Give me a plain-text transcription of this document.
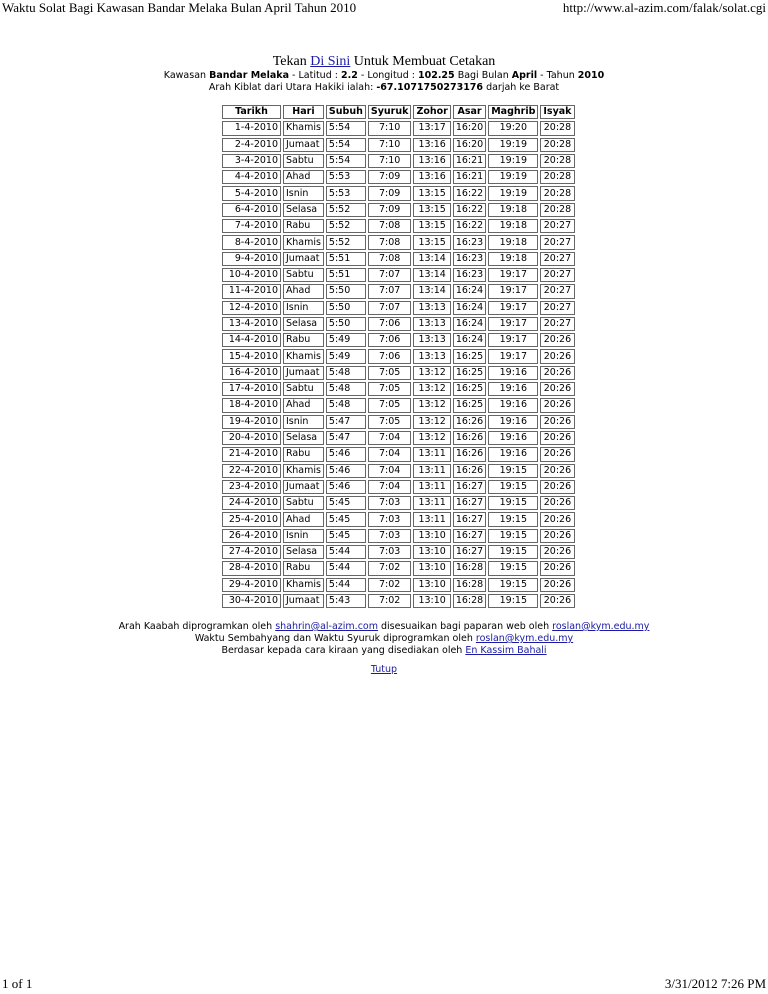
Waktu Solat Bagi Kawasan Bandar Melaka Bulan April Tahun 2010	http://www.al-azim.com/falak/solat.cgi
Tekan Di Sini Untuk Membuat Cetakan
Kawasan Bandar Melaka - Latitud : 2.2 - Longitud : 102.25 Bagi Bulan April - Tahun 2010
Arah Kiblat dari Utara Hakiki ialah: -67.1071750273176 darjah ke Barat
Tarikh	Hari	Subuh	Syuruk	Zohor	Asar	Maghrib	Isyak
1-4-2010	Khamis	5:54	7:10	13:17	16:20	19:20	20:28
2-4-2010	Jumaat	5:54	7:10	13:16	16:20	19:19	20:28
3-4-2010	Sabtu	5:54	7:10	13:16	16:21	19:19	20:28
4-4-2010	Ahad	5:53	7:09	13:16	16:21	19:19	20:28
5-4-2010	Isnin	5:53	7:09	13:15	16:22	19:19	20:28
6-4-2010	Selasa	5:52	7:09	13:15	16:22	19:18	20:28
7-4-2010	Rabu	5:52	7:08	13:15	16:22	19:18	20:27
8-4-2010	Khamis	5:52	7:08	13:15	16:23	19:18	20:27
9-4-2010	Jumaat	5:51	7:08	13:14	16:23	19:18	20:27
10-4-2010	Sabtu	5:51	7:07	13:14	16:23	19:17	20:27
11-4-2010	Ahad	5:50	7:07	13:14	16:24	19:17	20:27
12-4-2010	Isnin	5:50	7:07	13:13	16:24	19:17	20:27
13-4-2010	Selasa	5:50	7:06	13:13	16:24	19:17	20:27
14-4-2010	Rabu	5:49	7:06	13:13	16:24	19:17	20:26
15-4-2010	Khamis	5:49	7:06	13:13	16:25	19:17	20:26
16-4-2010	Jumaat	5:48	7:05	13:12	16:25	19:16	20:26
17-4-2010	Sabtu	5:48	7:05	13:12	16:25	19:16	20:26
18-4-2010	Ahad	5:48	7:05	13:12	16:25	19:16	20:26
19-4-2010	Isnin	5:47	7:05	13:12	16:26	19:16	20:26
20-4-2010	Selasa	5:47	7:04	13:12	16:26	19:16	20:26
21-4-2010	Rabu	5:46	7:04	13:11	16:26	19:16	20:26
22-4-2010	Khamis	5:46	7:04	13:11	16:26	19:15	20:26
23-4-2010	Jumaat	5:46	7:04	13:11	16:27	19:15	20:26
24-4-2010	Sabtu	5:45	7:03	13:11	16:27	19:15	20:26
25-4-2010	Ahad	5:45	7:03	13:11	16:27	19:15	20:26
26-4-2010	Isnin	5:45	7:03	13:10	16:27	19:15	20:26
27-4-2010	Selasa	5:44	7:03	13:10	16:27	19:15	20:26
28-4-2010	Rabu	5:44	7:02	13:10	16:28	19:15	20:26
29-4-2010	Khamis	5:44	7:02	13:10	16:28	19:15	20:26
30-4-2010	Jumaat	5:43	7:02	13:10	16:28	19:15	20:26
Arah Kaabah diprogramkan oleh shahrin@al-azim.com disesuaikan bagi paparan web oleh roslan@kym.edu.my
Waktu Sembahyang dan Waktu Syuruk diprogramkan oleh roslan@kym.edu.my
Berdasar kepada cara kiraan yang disediakan oleh En Kassim Bahali
Tutup
1 of 1	3/31/2012 7:26 PM
